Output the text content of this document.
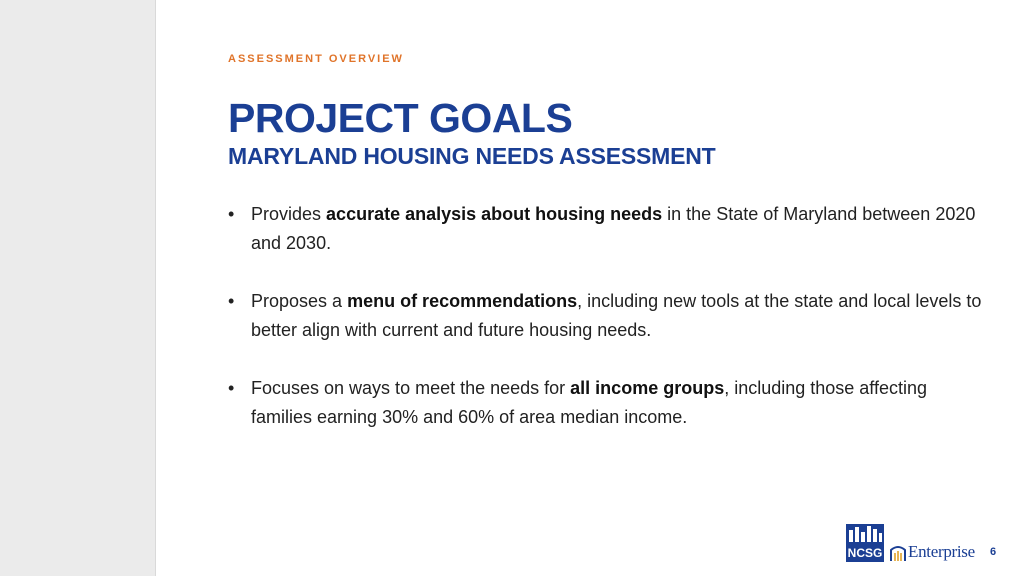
ASSESSMENT OVERVIEW
PROJECT GOALS
MARYLAND HOUSING NEEDS ASSESSMENT
• Provides accurate analysis about housing needs in the State of Maryland between 2020 and 2030.
• Proposes a menu of recommendations, including new tools at the state and local levels to better align with current and future housing needs.
• Focuses on ways to meet the needs for all income groups, including those affecting families earning 30% and 60% of area median income.
NCSG Enterprise 6
